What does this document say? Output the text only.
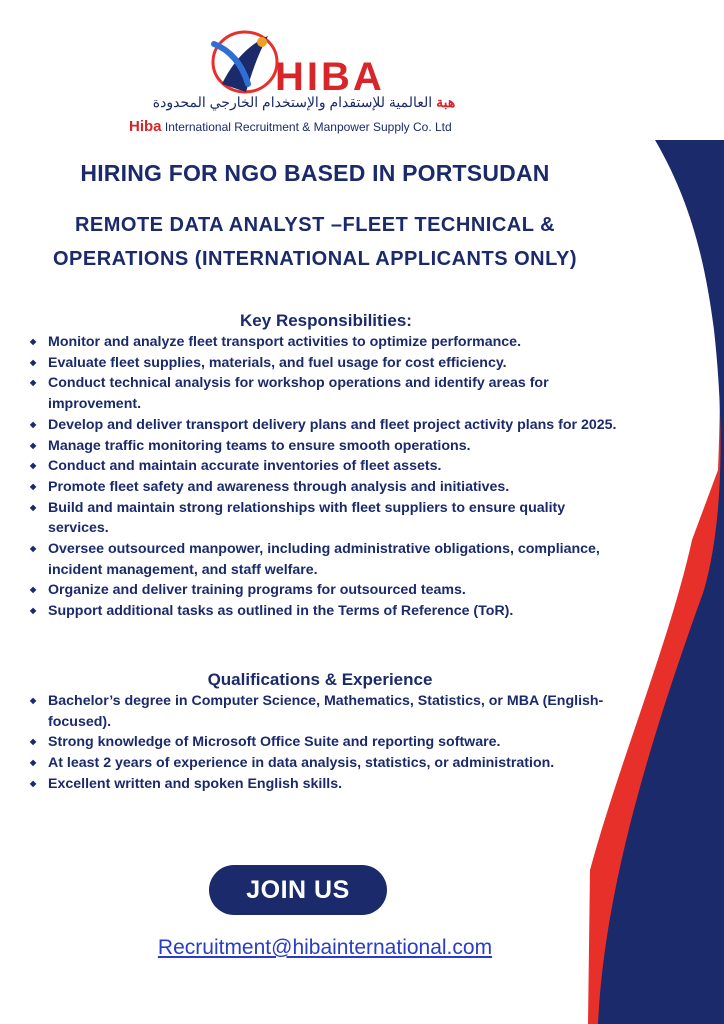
HIBA
هبة العالمية للإستقدام والإستخدام الخارجي المحدودة
Hiba International Recruitment & Manpower Supply Co. Ltd
HIRING FOR NGO BASED IN PORTSUDAN
REMOTE DATA ANALYST –FLEET TECHNICAL &
OPERATIONS (INTERNATIONAL APPLICANTS ONLY)
Key Responsibilities:
◆ Monitor and analyze fleet transport activities to optimize performance.
◆ Evaluate fleet supplies, materials, and fuel usage for cost efficiency.
◆ Conduct technical analysis for workshop operations and identify areas for improvement.
◆ Develop and deliver transport delivery plans and fleet project activity plans for 2025.
◆ Manage traffic monitoring teams to ensure smooth operations.
◆ Conduct and maintain accurate inventories of fleet assets.
◆ Promote fleet safety and awareness through analysis and initiatives.
◆ Build and maintain strong relationships with fleet suppliers to ensure quality services.
◆ Oversee outsourced manpower, including administrative obligations, compliance, incident management, and staff welfare.
◆ Organize and deliver training programs for outsourced teams.
◆ Support additional tasks as outlined in the Terms of Reference (ToR).
Qualifications & Experience
◆ Bachelor’s degree in Computer Science, Mathematics, Statistics, or MBA (English-focused).
◆ Strong knowledge of Microsoft Office Suite and reporting software.
◆ At least 2 years of experience in data analysis, statistics, or administration.
◆ Excellent written and spoken English skills.
JOIN US
Recruitment@hibainternational.com
